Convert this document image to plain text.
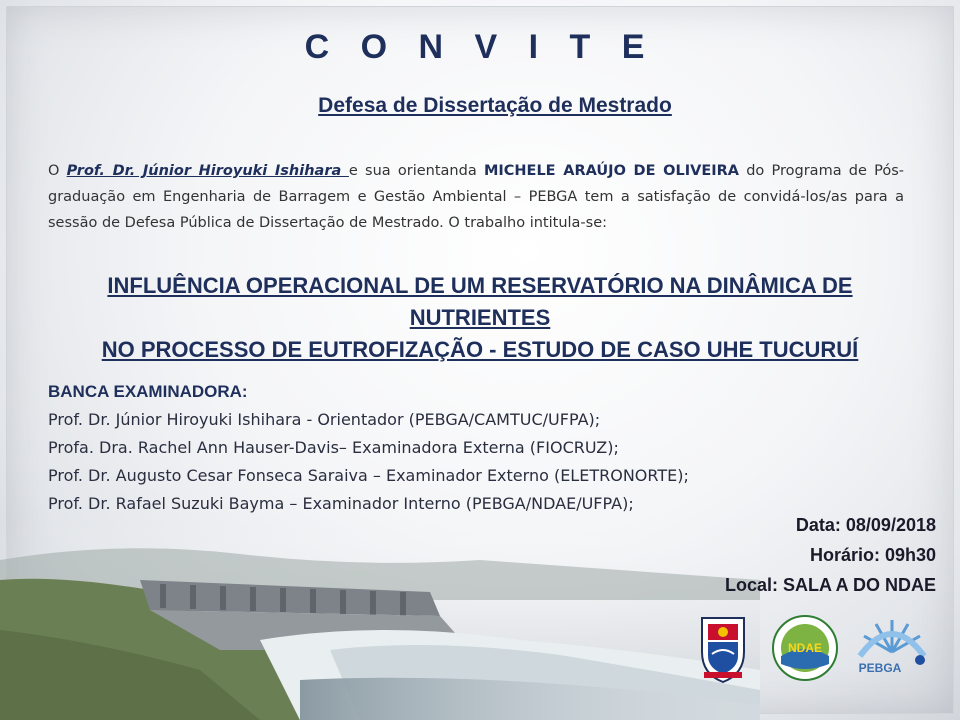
C O N V I T E
Defesa de Dissertação de Mestrado
O Prof. Dr. Júnior Hiroyuki Ishihara e sua orientanda MICHELE ARAÚJO DE OLIVEIRA do Programa de Pós-graduação em Engenharia de Barragem e Gestão Ambiental – PEBGA tem a satisfação de convidá-los/as para a sessão de Defesa Pública de Dissertação de Mestrado. O trabalho intitula-se:
INFLUÊNCIA OPERACIONAL DE UM RESERVATÓRIO NA DINÂMICA DE NUTRIENTES
NO PROCESSO DE EUTROFIZAÇÃO - ESTUDO DE CASO UHE TUCURUÍ
BANCA EXAMINADORA:
Prof. Dr. Júnior Hiroyuki Ishihara - Orientador (PEBGA/CAMTUC/UFPA);
Profa. Dra. Rachel Ann Hauser-Davis– Examinadora Externa (FIOCRUZ);
Prof. Dr. Augusto Cesar Fonseca Saraiva – Examinador Externo (ELETRONORTE);
Prof. Dr. Rafael Suzuki Bayma – Examinador Interno (PEBGA/NDAE/UFPA);
Data: 08/09/2018
Horário: 09h30
Local: SALA A DO NDAE
NDAE
PEBGA
